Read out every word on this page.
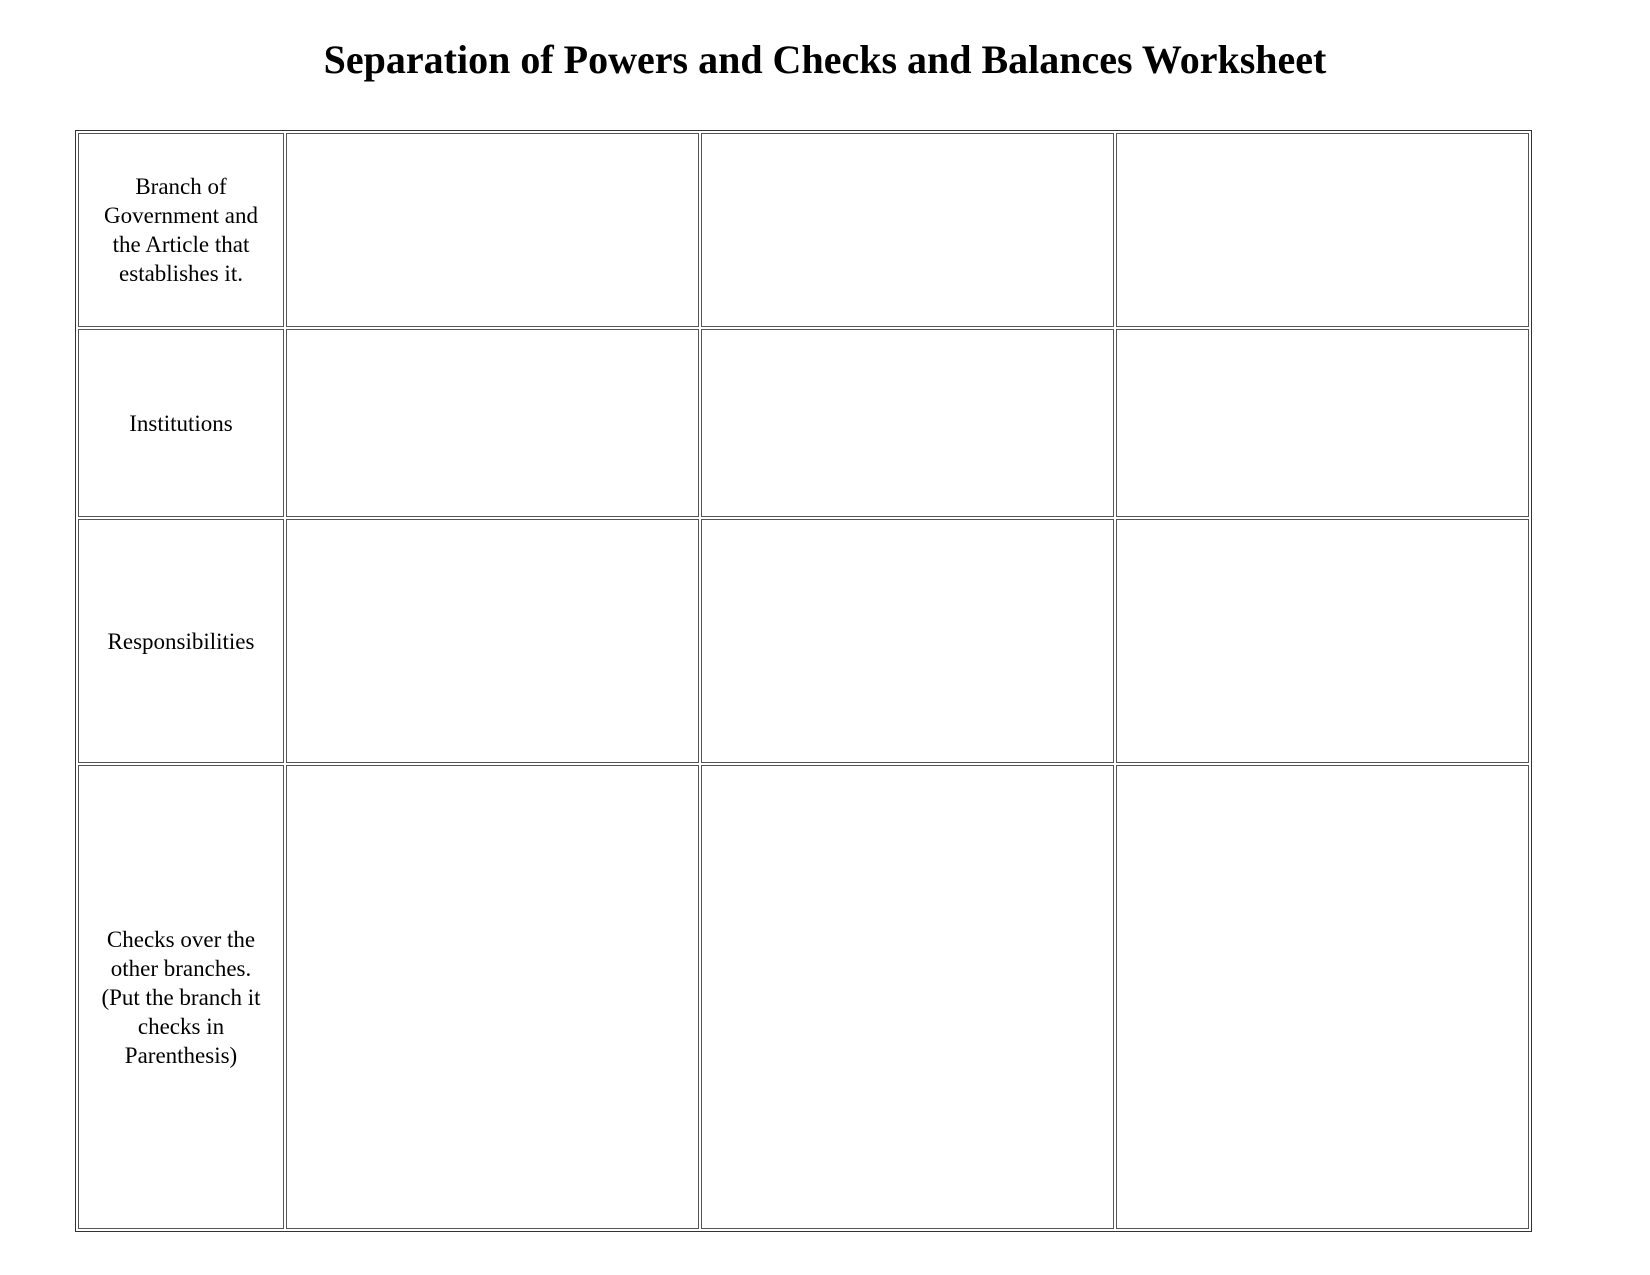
Separation of Powers and Checks and Balances Worksheet
Branch of Government and the Article that establishes it.			
Institutions			
Responsibilities			
Checks over the other branches. (Put the branch it checks in Parenthesis)			
